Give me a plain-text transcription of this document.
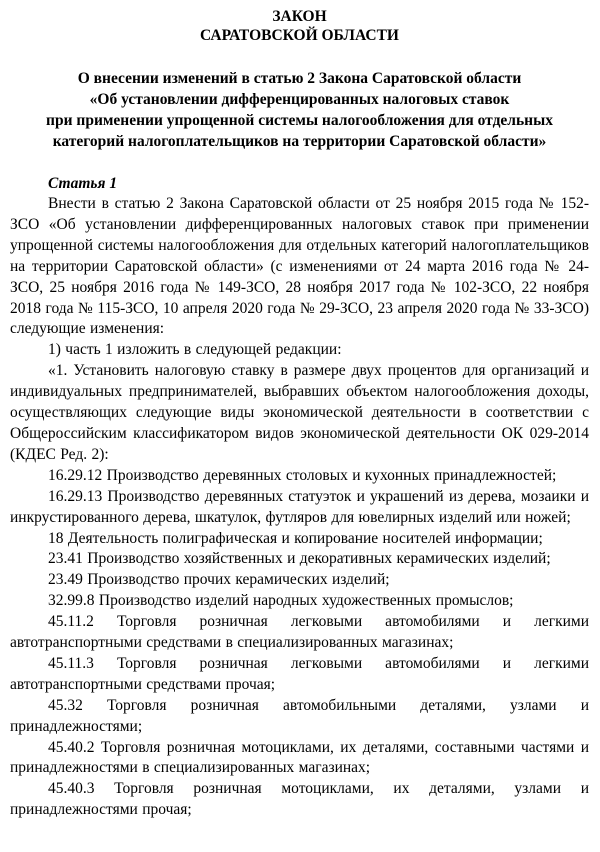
ЗАКОН
САРАТОВСКОЙ ОБЛАСТИ
О внесении изменений в статью 2 Закона Саратовской области
«Об установлении дифференцированных налоговых ставок
при применении упрощенной системы налогообложения для отдельных
категорий налогоплательщиков на территории Саратовской области»

Статья 1

Внести в статью 2 Закона Саратовской области от 25 ноября 2015 года № 152-ЗСО «Об установлении дифференцированных налоговых ставок при применении упрощенной системы налогообложения для отдельных категорий налогоплательщиков на территории Саратовской области» (с изменениями от 24 марта 2016 года № 24-ЗСО, 25 ноября 2016 года № 149-ЗСО, 28 ноября 2017 года № 102-ЗСО, 22 ноября 2018 года № 115-ЗСО, 10 апреля 2020 года № 29-ЗСО, 23 апреля 2020 года № 33-ЗСО) следующие изменения:

1) часть 1 изложить в следующей редакции:

«1. Установить налоговую ставку в размере двух процентов для организаций и индивидуальных предпринимателей, выбравших объектом налогообложения доходы, осуществляющих следующие виды экономической деятельности в соответствии с Общероссийским классификатором видов экономической деятельности ОК 029-2014 (КДЕС Ред. 2):

16.29.12 Производство деревянных столовых и кухонных принадлежностей;

16.29.13 Производство деревянных статуэток и украшений из дерева, мозаики и инкрустированного дерева, шкатулок, футляров для ювелирных изделий или ножей;

18 Деятельность полиграфическая и копирование носителей информации;

23.41 Производство хозяйственных и декоративных керамических изделий;

23.49 Производство прочих керамических изделий;

32.99.8 Производство изделий народных художественных промыслов;

45.11.2 Торговля розничная легковыми автомобилями и легкими автотранспортными средствами в специализированных магазинах;

45.11.3 Торговля розничная легковыми автомобилями и легкими автотранспортными средствами прочая;

45.32 Торговля розничная автомобильными деталями, узлами и принадлежностями;

45.40.2 Торговля розничная мотоциклами, их деталями, составными частями и принадлежностями в специализированных магазинах;

45.40.3 Торговля розничная мотоциклами, их деталями, узлами и принадлежностями прочая;
